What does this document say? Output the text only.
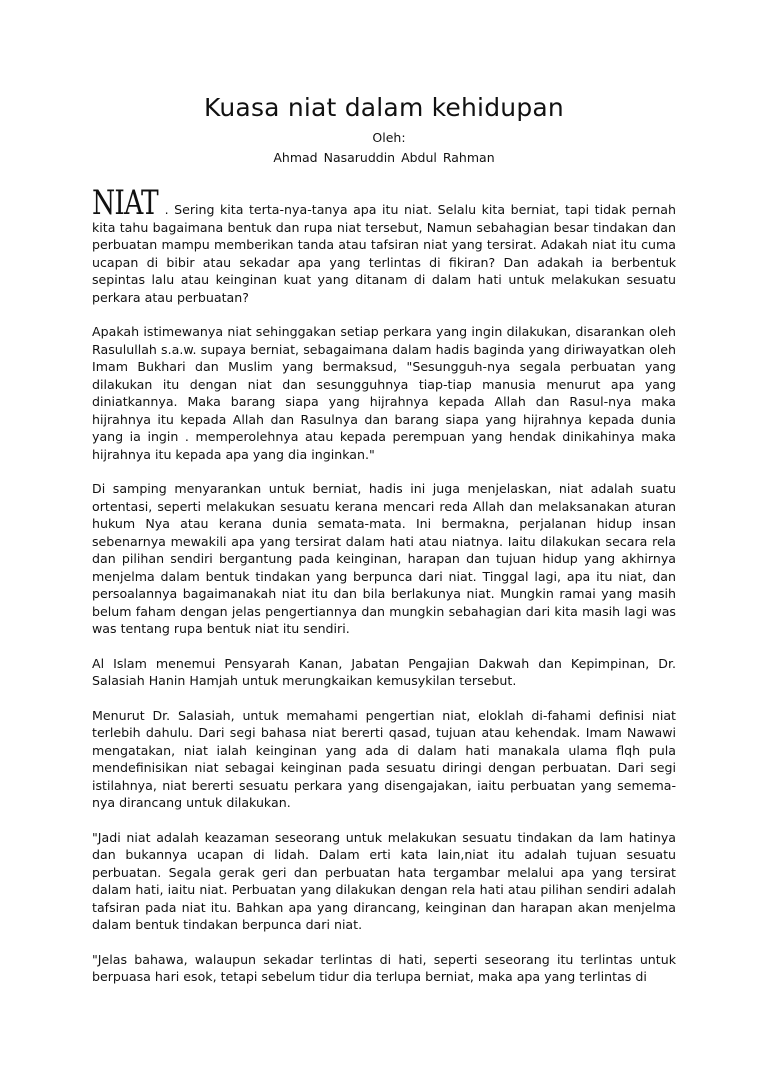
Kuasa niat dalam kehidupan
Oleh:
Ahmad Nasaruddin Abdul Rahman

NIAT . Sering kita terta-nya-tanya apa itu niat. Selalu kita berniat, tapi tidak pernah kita tahu bagaimana bentuk dan rupa niat tersebut, Namun sebahagian besar tindakan dan perbuatan mampu memberikan tanda atau tafsiran niat yang tersirat. Adakah niat itu cuma ucapan di bibir atau sekadar apa yang terlintas di fikiran? Dan adakah ia berbentuk sepintas lalu atau keinginan kuat yang ditanam di dalam hati untuk melakukan sesuatu perkara atau perbuatan?

Apakah istimewanya niat sehinggakan setiap perkara yang ingin dilakukan, disarankan oleh Rasulullah s.a.w. supaya berniat, sebagaimana dalam hadis baginda yang diriwayatkan oleh Imam Bukhari dan Muslim yang bermaksud, "Sesungguh-nya segala perbuatan yang dilakukan itu dengan niat dan sesungguhnya tiap-tiap manusia menurut apa yang diniatkannya. Maka barang siapa yang hijrahnya kepada Allah dan Rasul-nya maka hijrahnya itu kepada Allah dan Rasulnya dan barang siapa yang hijrahnya kepada dunia yang ia ingin . memperolehnya atau kepada perempuan yang hendak dinikahinya maka hijrahnya itu kepada apa yang dia inginkan."

Di samping menyarankan untuk berniat, hadis ini juga menjelaskan, niat adalah suatu ortentasi, seperti melakukan sesuatu kerana mencari reda Allah dan melaksanakan aturan hukum Nya atau kerana dunia semata-mata. Ini bermakna, perjalanan hidup insan sebenarnya mewakili apa yang tersirat dalam hati atau niatnya. Iaitu dilakukan secara rela dan pilihan sendiri bergantung pada keinginan, harapan dan tujuan hidup yang akhirnya menjelma dalam bentuk tindakan yang berpunca dari niat. Tinggal lagi, apa itu niat, dan persoalannya bagaimanakah niat itu dan bila berlakunya niat. Mungkin ramai yang masih belum faham dengan jelas pengertiannya dan mungkin sebahagian dari kita masih lagi was was tentang rupa bentuk niat itu sendiri.

Al Islam menemui Pensyarah Kanan, Jabatan Pengajian Dakwah dan Kepimpinan, Dr. Salasiah Hanin Hamjah untuk merungkaikan kemusykilan tersebut.

Menurut Dr. Salasiah, untuk memahami pengertian niat, eloklah di-fahami definisi niat terlebih dahulu. Dari segi bahasa niat bererti qasad, tujuan atau kehendak. Imam Nawawi mengatakan, niat ialah keinginan yang ada di dalam hati manakala ulama flqh pula mendefinisikan niat sebagai keinginan pada sesuatu diringi dengan perbuatan. Dari segi istilahnya, niat bererti sesuatu perkara yang disengajakan, iaitu perbuatan yang semema-nya dirancang untuk dilakukan.

"Jadi niat adalah keazaman seseorang untuk melakukan sesuatu tindakan da lam hatinya dan bukannya ucapan di lidah. Dalam erti kata lain,niat itu adalah tujuan sesuatu perbuatan. Segala gerak geri dan perbuatan hata tergambar melalui apa yang tersirat dalam hati, iaitu niat. Perbuatan yang dilakukan dengan rela hati atau pilihan sendiri adalah tafsiran pada niat itu. Bahkan apa yang dirancang, keinginan dan harapan akan menjelma dalam bentuk tindakan berpunca dari niat.

"Jelas bahawa, walaupun sekadar terlintas di hati, seperti seseorang itu terlintas untuk berpuasa hari esok, tetapi sebelum tidur dia terlupa berniat, maka apa yang terlintas di
